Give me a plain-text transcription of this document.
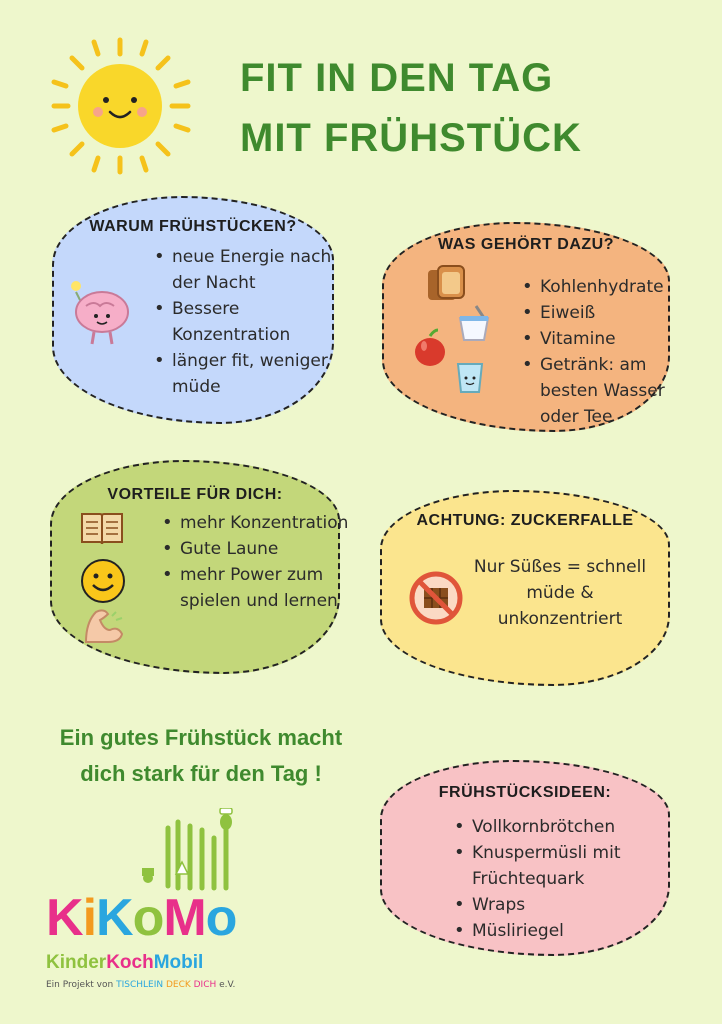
FIT IN DEN TAG
MIT FRÜHSTÜCK
WARUM FRÜHSTÜCKEN?
• neue Energie nach der Nacht
• Bessere Konzentration
• länger fit, weniger müde
WAS GEHÖRT DAZU?
• Kohlenhydrate
• Eiweiß
• Vitamine
• Getränk: am besten Wasser oder Tee
VORTEILE FÜR DICH:
• mehr Konzentration
• Gute Laune
• mehr Power zum spielen und lernen
ACHTUNG: ZUCKERFALLE
Nur Süßes = schnell müde & unkonzentriert
Ein gutes Frühstück macht
dich stark für den Tag !
FRÜHSTÜCKSIDEEN:
• Vollkornbrötchen
• Knuspermüsli mit Früchtequark
• Wraps
• Müsliriegel
KiKoMo
KinderKochMobil
Ein Projekt von TISCHLEIN DECK DICH e.V.
